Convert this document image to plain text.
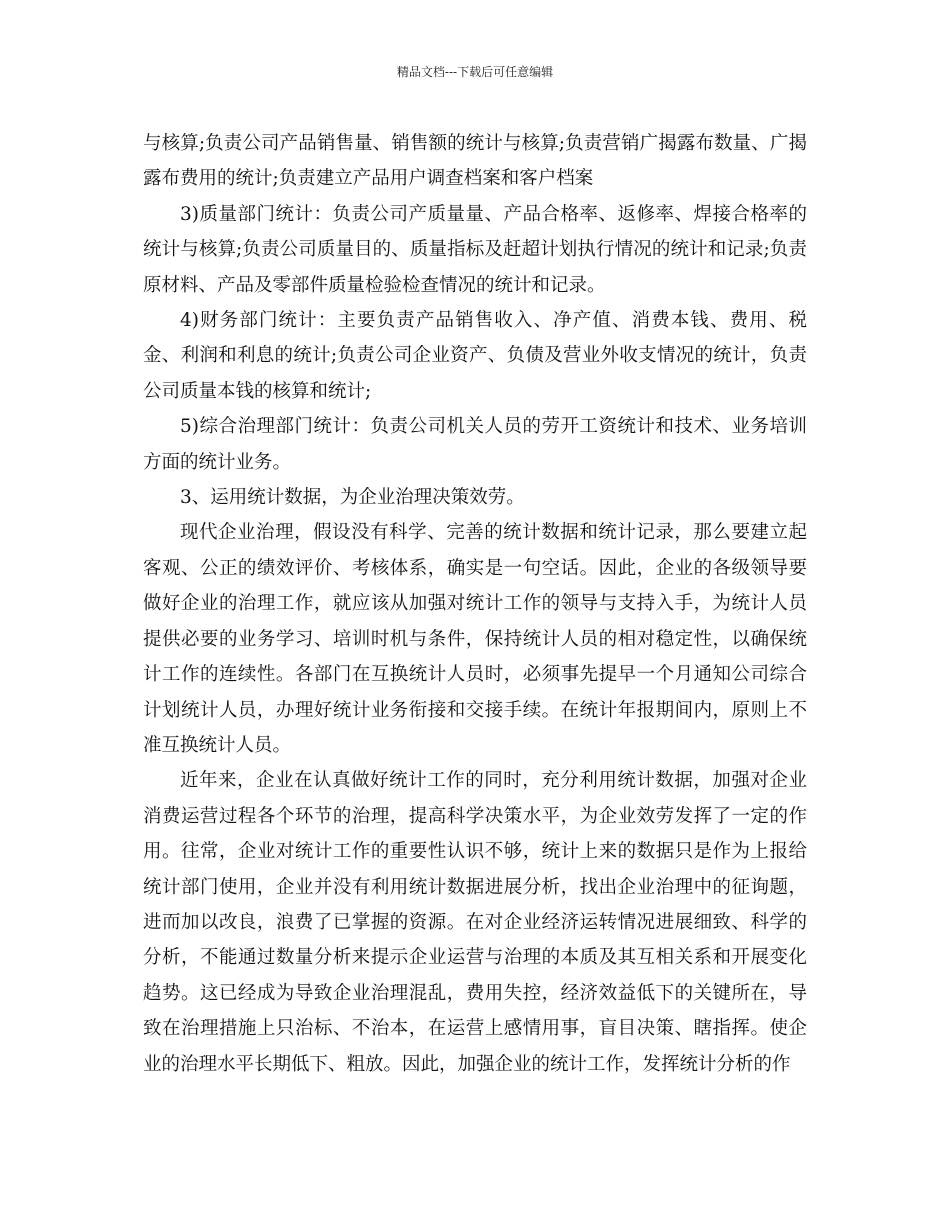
精品文档---下载后可任意编辑

与核算;负责公司产品销售量、销售额的统计与核算;负责营销广揭露布数量、广揭露布费用的统计;负责建立产品用户调查档案和客户档案

3)质量部门统计：负责公司产质量量、产品合格率、返修率、焊接合格率的统计与核算;负责公司质量目的、质量指标及赶超计划执行情况的统计和记录;负责原材料、产品及零部件质量检验检查情况的统计和记录。

4)财务部门统计：主要负责产品销售收入、净产值、消费本钱、费用、税金、利润和利息的统计;负责公司企业资产、负债及营业外收支情况的统计，负责公司质量本钱的核算和统计;

5)综合治理部门统计：负责公司机关人员的劳开工资统计和技术、业务培训方面的统计业务。

3、运用统计数据，为企业治理决策效劳。

现代企业治理，假设没有科学、完善的统计数据和统计记录，那么要建立起客观、公正的绩效评价、考核体系，确实是一句空话。因此，企业的各级领导要做好企业的治理工作，就应该从加强对统计工作的领导与支持入手，为统计人员提供必要的业务学习、培训时机与条件，保持统计人员的相对稳定性，以确保统计工作的连续性。各部门在互换统计人员时，必须事先提早一个月通知公司综合计划统计人员，办理好统计业务衔接和交接手续。在统计年报期间内，原则上不准互换统计人员。

近年来，企业在认真做好统计工作的同时，充分利用统计数据，加强对企业消费运营过程各个环节的治理，提高科学决策水平，为企业效劳发挥了一定的作用。往常，企业对统计工作的重要性认识不够，统计上来的数据只是作为上报给统计部门使用，企业并没有利用统计数据进展分析，找出企业治理中的征询题，进而加以改良，浪费了已掌握的资源。在对企业经济运转情况进展细致、科学的分析，不能通过数量分析来提示企业运营与治理的本质及其互相关系和开展变化趋势。这已经成为导致企业治理混乱，费用失控，经济效益低下的关键所在，导致在治理措施上只治标、不治本，在运营上感情用事，盲目决策、瞎指挥。使企业的治理水平长期低下、粗放。因此，加强企业的统计工作，发挥统计分析的作
